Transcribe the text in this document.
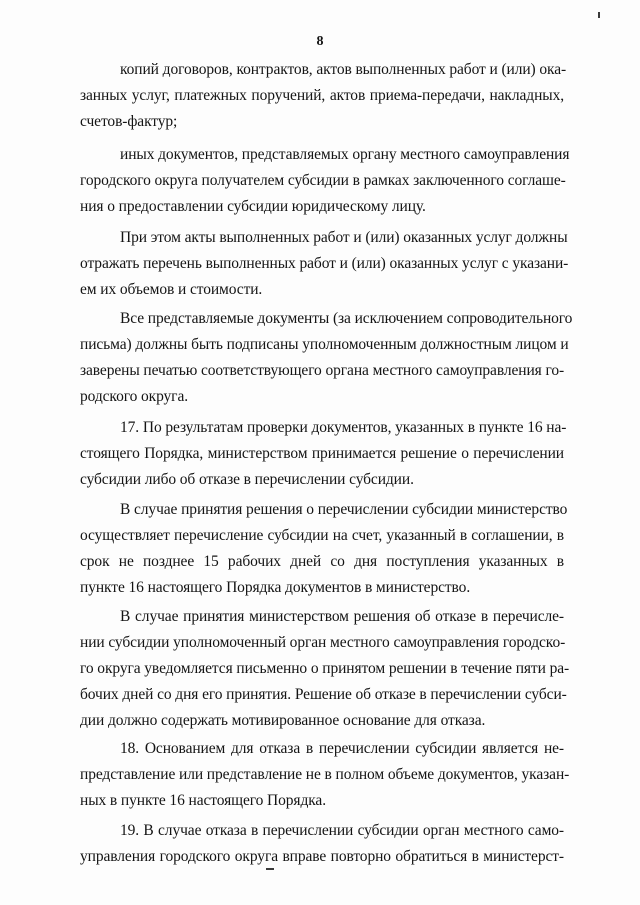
8
копий договоров, контрактов, актов выполненных работ и (или) ока-
занных услуг, платежных поручений, актов приема-передачи, накладных,
счетов-фактур;
иных документов, представляемых органу местного самоуправления
городского округа получателем субсидии в рамках заключенного соглаше-
ния о предоставлении субсидии юридическому лицу.
При этом акты выполненных работ и (или) оказанных услуг должны
отражать перечень выполненных работ и (или) оказанных услуг с указани-
ем их объемов и стоимости.
Все представляемые документы (за исключением сопроводительного
письма) должны быть подписаны уполномоченным должностным лицом и
заверены печатью соответствующего органа местного самоуправления го-
родского округа.
17. По результатам проверки документов, указанных в пункте 16 на-
стоящего Порядка, министерством принимается решение о перечислении
субсидии либо об отказе в перечислении субсидии.
В случае принятия решения о перечислении субсидии министерство
осуществляет перечисление субсидии на счет, указанный в соглашении, в
срок не позднее 15 рабочих дней со дня поступления указанных в
пункте 16 настоящего Порядка документов в министерство.
В случае принятия министерством решения об отказе в перечисле-
нии субсидии уполномоченный орган местного самоуправления городско-
го округа уведомляется письменно о принятом решении в течение пяти ра-
бочих дней со дня его принятия. Решение об отказе в перечислении субси-
дии должно содержать мотивированное основание для отказа.
18. Основанием для отказа в перечислении субсидии является не-
представление или представление не в полном объеме документов, указан-
ных в пункте 16 настоящего Порядка.
19. В случае отказа в перечислении субсидии орган местного само-
управления городского округа вправе повторно обратиться в министерст-
